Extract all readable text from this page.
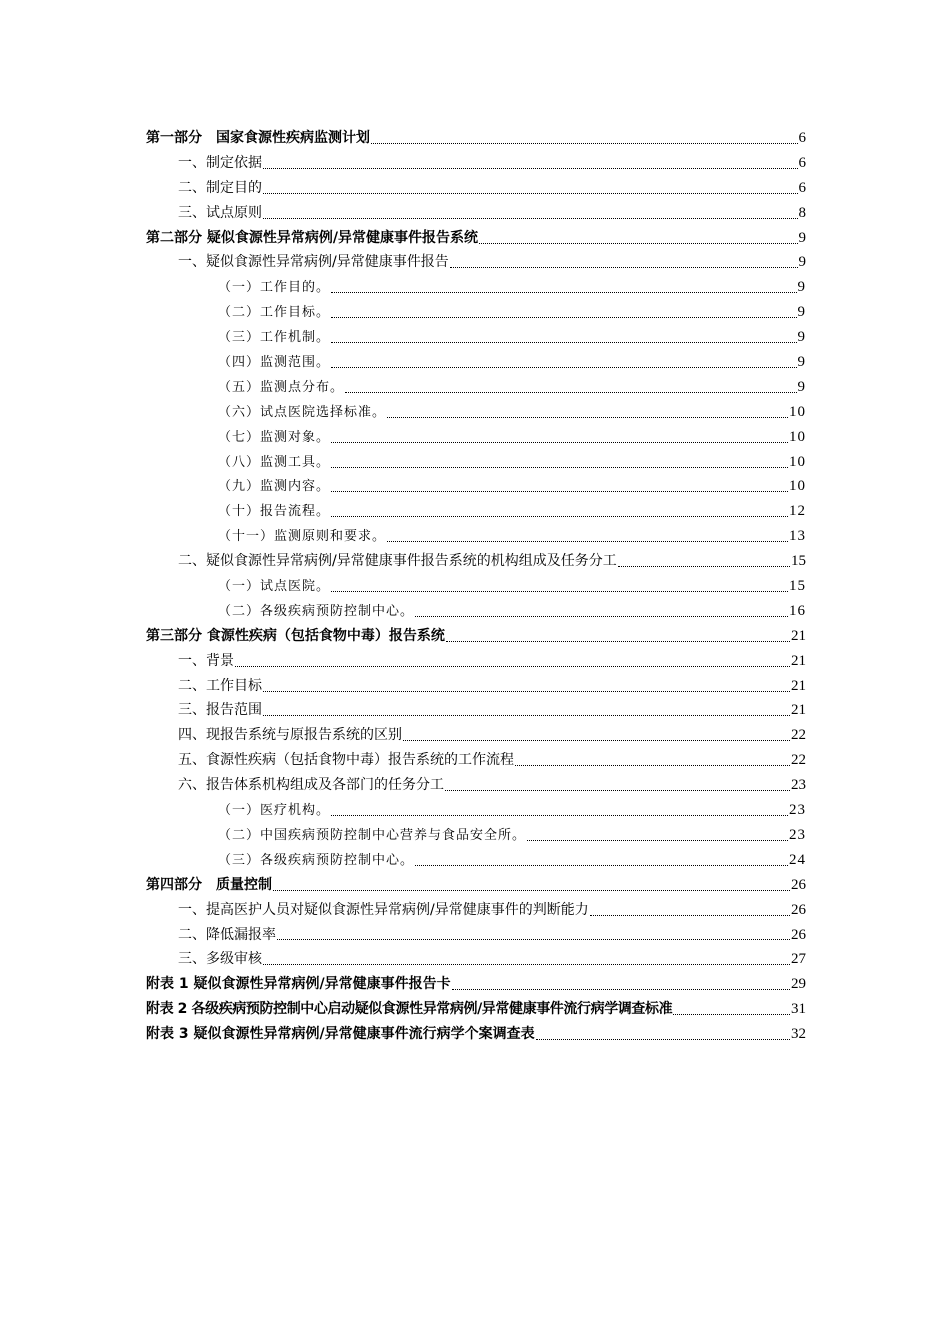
第一部分　国家食源性疾病监测计划	6
一、制定依据	6
二、制定目的	6
三、试点原则	8
第二部分 疑似食源性异常病例/异常健康事件报告系统	9
一、疑似食源性异常病例/异常健康事件报告	9
（一）工作目的。	9
（二）工作目标。	9
（三）工作机制。	9
（四）监测范围。	9
（五）监测点分布。	9
（六）试点医院选择标准。	10
（七）监测对象。	10
（八）监测工具。	10
（九）监测内容。	10
（十）报告流程。	12
（十一）监测原则和要求。	13
二、疑似食源性异常病例/异常健康事件报告系统的机构组成及任务分工	15
（一）试点医院。	15
（二）各级疾病预防控制中心。	16
第三部分 食源性疾病（包括食物中毒）报告系统	21
一、背景	21
二、工作目标	21
三、报告范围	21
四、现报告系统与原报告系统的区别	22
五、食源性疾病（包括食物中毒）报告系统的工作流程	22
六、报告体系机构组成及各部门的任务分工	23
（一）医疗机构。	23
（二）中国疾病预防控制中心营养与食品安全所。	23
（三）各级疾病预防控制中心。	24
第四部分　质量控制	26
一、提高医护人员对疑似食源性异常病例/异常健康事件的判断能力	26
二、降低漏报率	26
三、多级审核	27
附表 1 疑似食源性异常病例/异常健康事件报告卡	29
附表 2 各级疾病预防控制中心启动疑似食源性异常病例/异常健康事件流行病学调查标准	31
附表 3 疑似食源性异常病例/异常健康事件流行病学个案调查表	32
